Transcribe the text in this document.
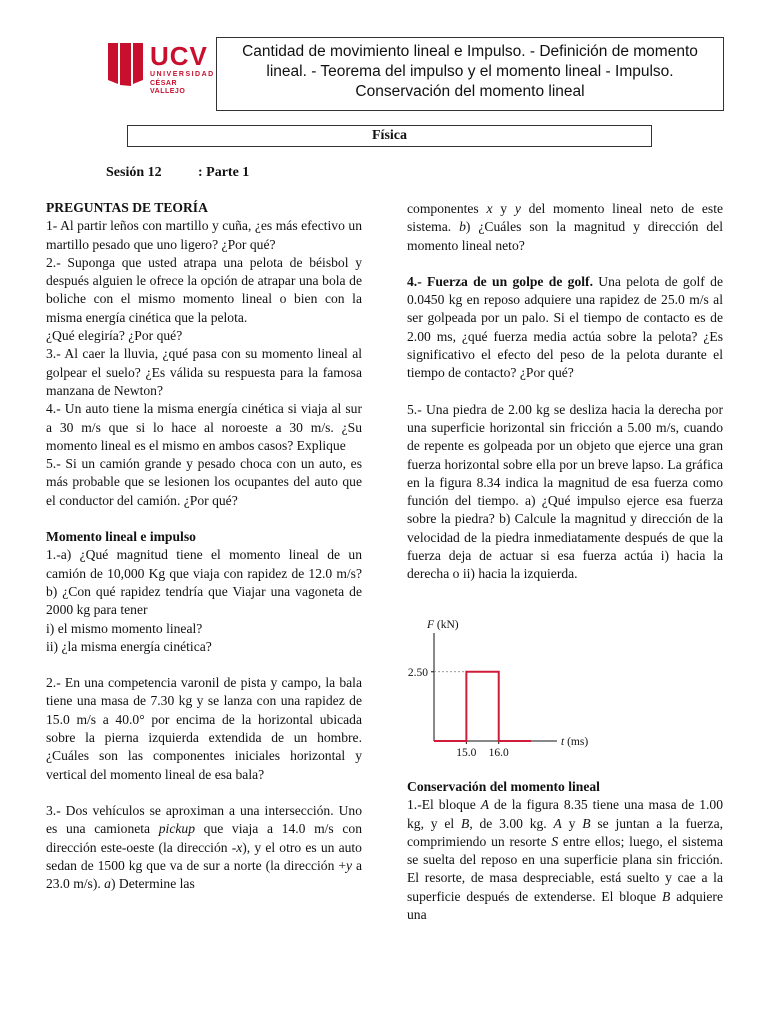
UCV
UNIVERSIDAD
CÉSAR VALLEJO
Cantidad de movimiento lineal e Impulso. - Definición de momento
lineal. - Teorema del impulso y el momento lineal - Impulso.
Conservación del momento lineal
Física
Sesión 12	: Parte 1

PREGUNTAS DE TEORÍA

1- Al partir leños con martillo y cuña, ¿es más efectivo un martillo pesado que uno ligero? ¿Por qué?

2.- Suponga que usted atrapa una pelota de béisbol y después alguien le ofrece la opción de atrapar una bola de boliche con el mismo momento lineal o bien con la misma energía cinética que la pelota.

¿Qué elegiría? ¿Por qué?

3.- Al caer la lluvia, ¿qué pasa con su momento lineal al golpear el suelo? ¿Es válida su respuesta para la famosa manzana de Newton?

4.- Un auto tiene la misma energía cinética si viaja al sur a 30 m/s que si lo hace al noroeste a 30 m/s. ¿Su momento lineal es el mismo en ambos casos? Explique

5.- Si un camión grande y pesado choca con un auto, es más probable que se lesionen los ocupantes del auto que el conductor del camión. ¿Por qué?

Momento lineal e impulso

1.-a) ¿Qué magnitud tiene el momento lineal de un camión de 10,000 Kg que viaja con rapidez de 12.0 m/s? b) ¿Con qué rapidez tendría que Viajar una vagoneta de 2000 kg para tener

i) el mismo momento lineal?

ii) ¿la misma energía cinética?

2.- En una competencia varonil de pista y campo, la bala tiene una masa de 7.30 kg y se lanza con una rapidez de 15.0 m/s a 40.0° por encima de la horizontal ubicada sobre la pierna izquierda extendida de un hombre. ¿Cuáles son las componentes iniciales horizontal y vertical del momento lineal de esa bala?

3.- Dos vehículos se aproximan a una intersección. Uno es una camioneta pickup que viaja a 14.0 m/s con dirección este-oeste (la dirección -x), y el otro es un auto sedan de 1500 kg que va de sur a norte (la dirección +y a 23.0 m/s). a) Determine las

componentes x y y del momento lineal neto de este sistema. b) ¿Cuáles son la magnitud y dirección del momento lineal neto?

4.- Fuerza de un golpe de golf. Una pelota de golf de 0.0450 kg en reposo adquiere una rapidez de 25.0 m/s al ser golpeada por un palo. Si el tiempo de contacto es de 2.00 ms, ¿qué fuerza media actúa sobre la pelota? ¿Es significativo el efecto del peso de la pelota durante el tiempo de contacto? ¿Por qué?

5.- Una piedra de 2.00 kg se desliza hacia la derecha por una superficie horizontal sin fricción a 5.00 m/s, cuando de repente es golpeada por un objeto que ejerce una gran fuerza horizontal sobre ella por un breve lapso. La gráfica en la figura 8.34 indica la magnitud de esa fuerza como función del tiempo. a) ¿Qué impulso ejerce esa fuerza sobre la piedra? b) Calcule la magnitud y dirección de la velocidad de la piedra inmediatamente después de que la fuerza deja de actuar si esa fuerza actúa i) hacia la derecha o ii) hacia la izquierda.

F (kN)
2.50
15.0 16.0
t (ms)

Conservación del momento lineal

1.-El bloque A de la figura 8.35 tiene una masa de 1.00 kg, y el B, de 3.00 kg. A y B se juntan a la fuerza, comprimiendo un resorte S entre ellos; luego, el sistema se suelta del reposo en una superficie plana sin fricción. El resorte, de masa despreciable, está suelto y cae a la superficie después de extenderse. El bloque B adquiere una
